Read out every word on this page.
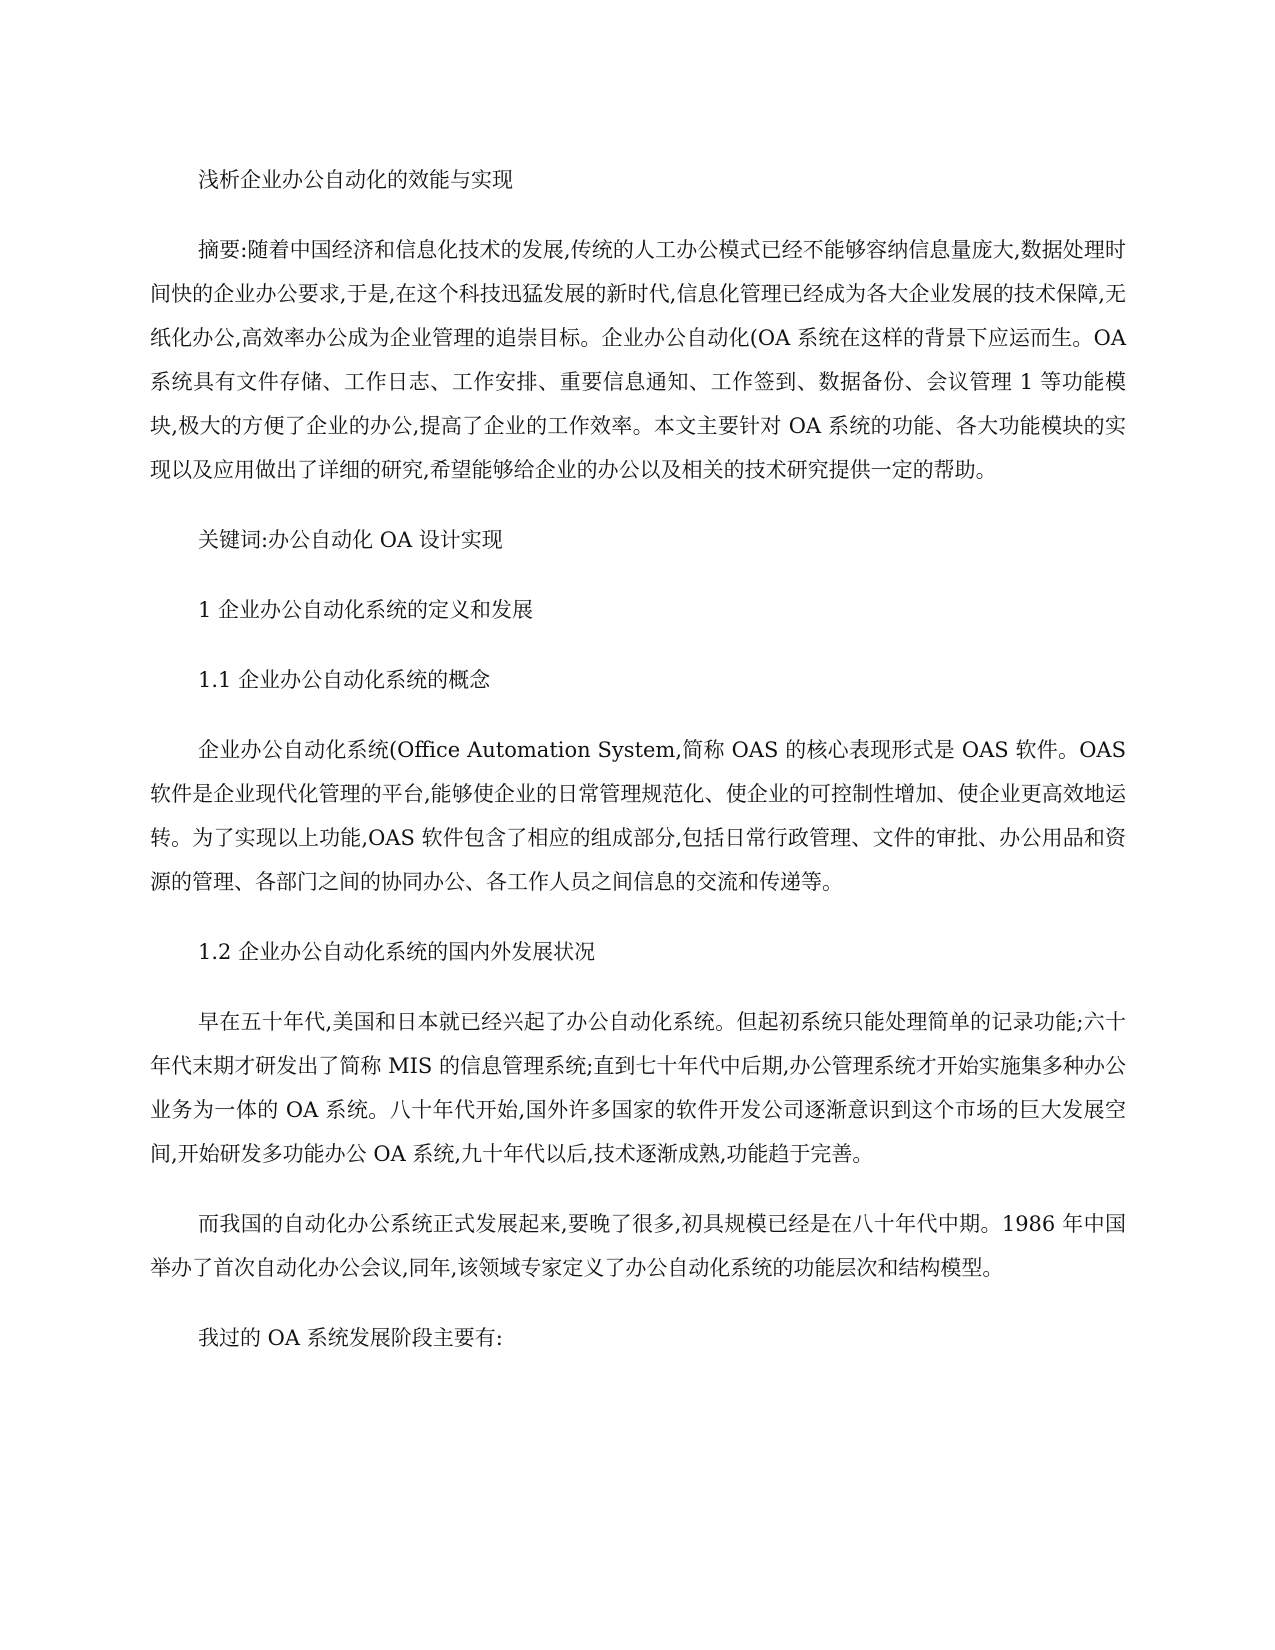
浅析企业办公自动化的效能与实现

摘要:随着中国经济和信息化技术的发展,传统的人工办公模式已经不能够容纳信息量庞大,数据处理时间快的企业办公要求,于是,在这个科技迅猛发展的新时代,信息化管理已经成为各大企业发展的技术保障,无纸化办公,高效率办公成为企业管理的追崇目标。企业办公自动化(OA 系统在这样的背景下应运而生。OA 系统具有文件存储、工作日志、工作安排、重要信息通知、工作签到、数据备份、会议管理 1 等功能模块,极大的方便了企业的办公,提高了企业的工作效率。本文主要针对 OA 系统的功能、各大功能模块的实现以及应用做出了详细的研究,希望能够给企业的办公以及相关的技术研究提供一定的帮助。

关键词:办公自动化 OA 设计实现

1 企业办公自动化系统的定义和发展

1.1 企业办公自动化系统的概念

企业办公自动化系统(Office Automation System,简称 OAS 的核心表现形式是 OAS 软件。OAS 软件是企业现代化管理的平台,能够使企业的日常管理规范化、使企业的可控制性增加、使企业更高效地运转。为了实现以上功能,OAS 软件包含了相应的组成部分,包括日常行政管理、文件的审批、办公用品和资源的管理、各部门之间的协同办公、各工作人员之间信息的交流和传递等。

1.2 企业办公自动化系统的国内外发展状况

早在五十年代,美国和日本就已经兴起了办公自动化系统。但起初系统只能处理简单的记录功能;六十年代末期才研发出了简称 MIS 的信息管理系统;直到七十年代中后期,办公管理系统才开始实施集多种办公业务为一体的 OA 系统。八十年代开始,国外许多国家的软件开发公司逐渐意识到这个市场的巨大发展空间,开始研发多功能办公 OA 系统,九十年代以后,技术逐渐成熟,功能趋于完善。

而我国的自动化办公系统正式发展起来,要晚了很多,初具规模已经是在八十年代中期。1986 年中国举办了首次自动化办公会议,同年,该领域专家定义了办公自动化系统的功能层次和结构模型。

我过的 OA 系统发展阶段主要有:
